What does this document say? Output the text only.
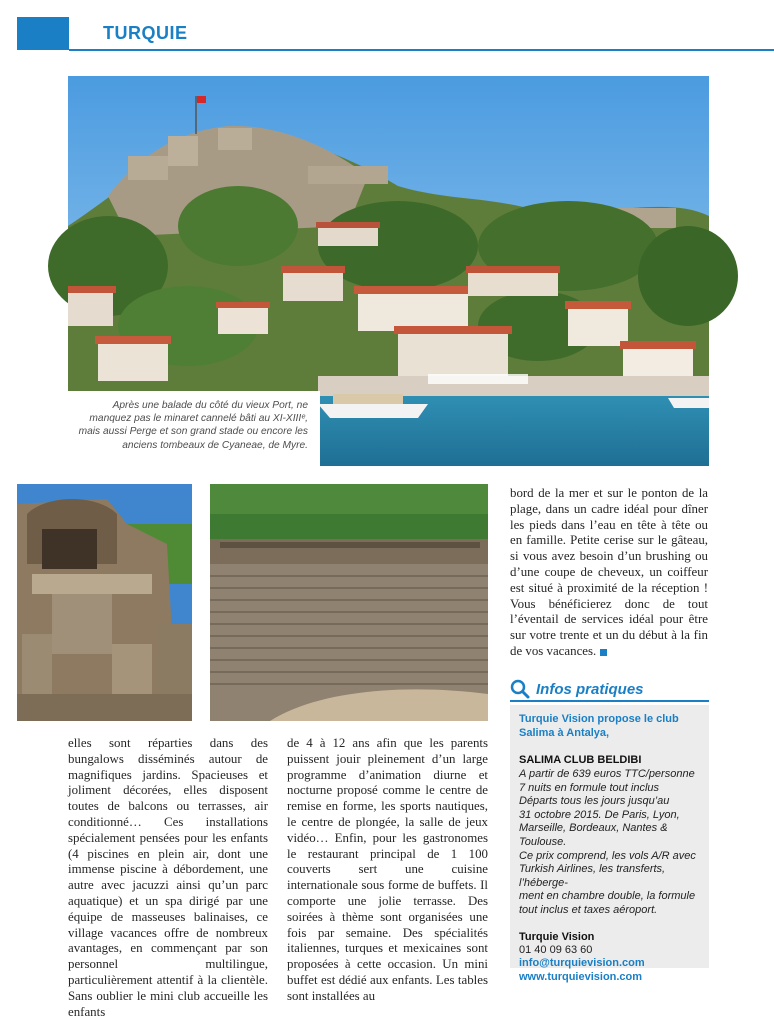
TURQUIE

Après une balade du côté du vieux Port, ne manquez pas le minaret cannelé bâti au XI-XIIIᵉ, mais aussi Perge et son grand stade ou encore les anciens tombeaux de Cyaneae, de Myre.

bord de la mer et sur le ponton de la plage, dans un cadre idéal pour dîner les pieds dans l’eau en tête à tête ou en famille. Petite cerise sur le gâteau, si vous avez besoin d’un brushing ou d’une coupe de cheveux, un coiffeur est situé à proximité de la réception ! Vous bénéficierez donc de tout l’éventail de services idéal pour être sur votre trente et un du début à la fin de vos vacances.

Infos pratiques
Turquie Vision propose le club Salima à Antalya,
SALIMA CLUB BELDIBI
A partir de 639 euros TTC/personne
7 nuits en formule tout inclus
Départs tous les jours jusqu’au
31 octobre 2015. De Paris, Lyon,
Marseille, Bordeaux, Nantes & Toulouse.
Ce prix comprend, les vols A/R avec
Turkish Airlines, les transferts, l’héberge-
ment en chambre double, la formule
tout inclus et taxes aéroport.
Turquie Vision
01 40 09 63 60
info@turquievision.com
www.turquievision.com

elles sont réparties dans des bungalows disséminés autour de magnifiques jardins. Spacieuses et joliment décorées, elles disposent toutes de balcons ou terrasses, air conditionné… Ces installations spécialement pensées pour les enfants (4 piscines en plein air, dont une immense piscine à débordement, une autre avec jacuzzi ainsi qu’un parc aquatique) et un spa dirigé par une équipe de masseuses balinaises, ce village vacances offre de nombreux avantages, en commençant par son personnel multilingue, particulièrement attentif à la clientèle. Sans oublier le mini club accueille les enfants

de 4 à 12 ans afin que les parents puissent jouir pleinement d’un large programme d’animation diurne et nocturne proposé comme le centre de remise en forme, les sports nautiques, le centre de plongée, la salle de jeux vidéo… Enfin, pour les gastronomes le restaurant principal de 1 100 couverts sert une cuisine internationale sous forme de buffets. Il comporte une jolie terrasse. Des soirées à thème sont organisées une fois par semaine. Des spécialités italiennes, turques et mexicaines sont proposées à cette occasion. Un mini buffet est dédié aux enfants. Les tables sont installées au
